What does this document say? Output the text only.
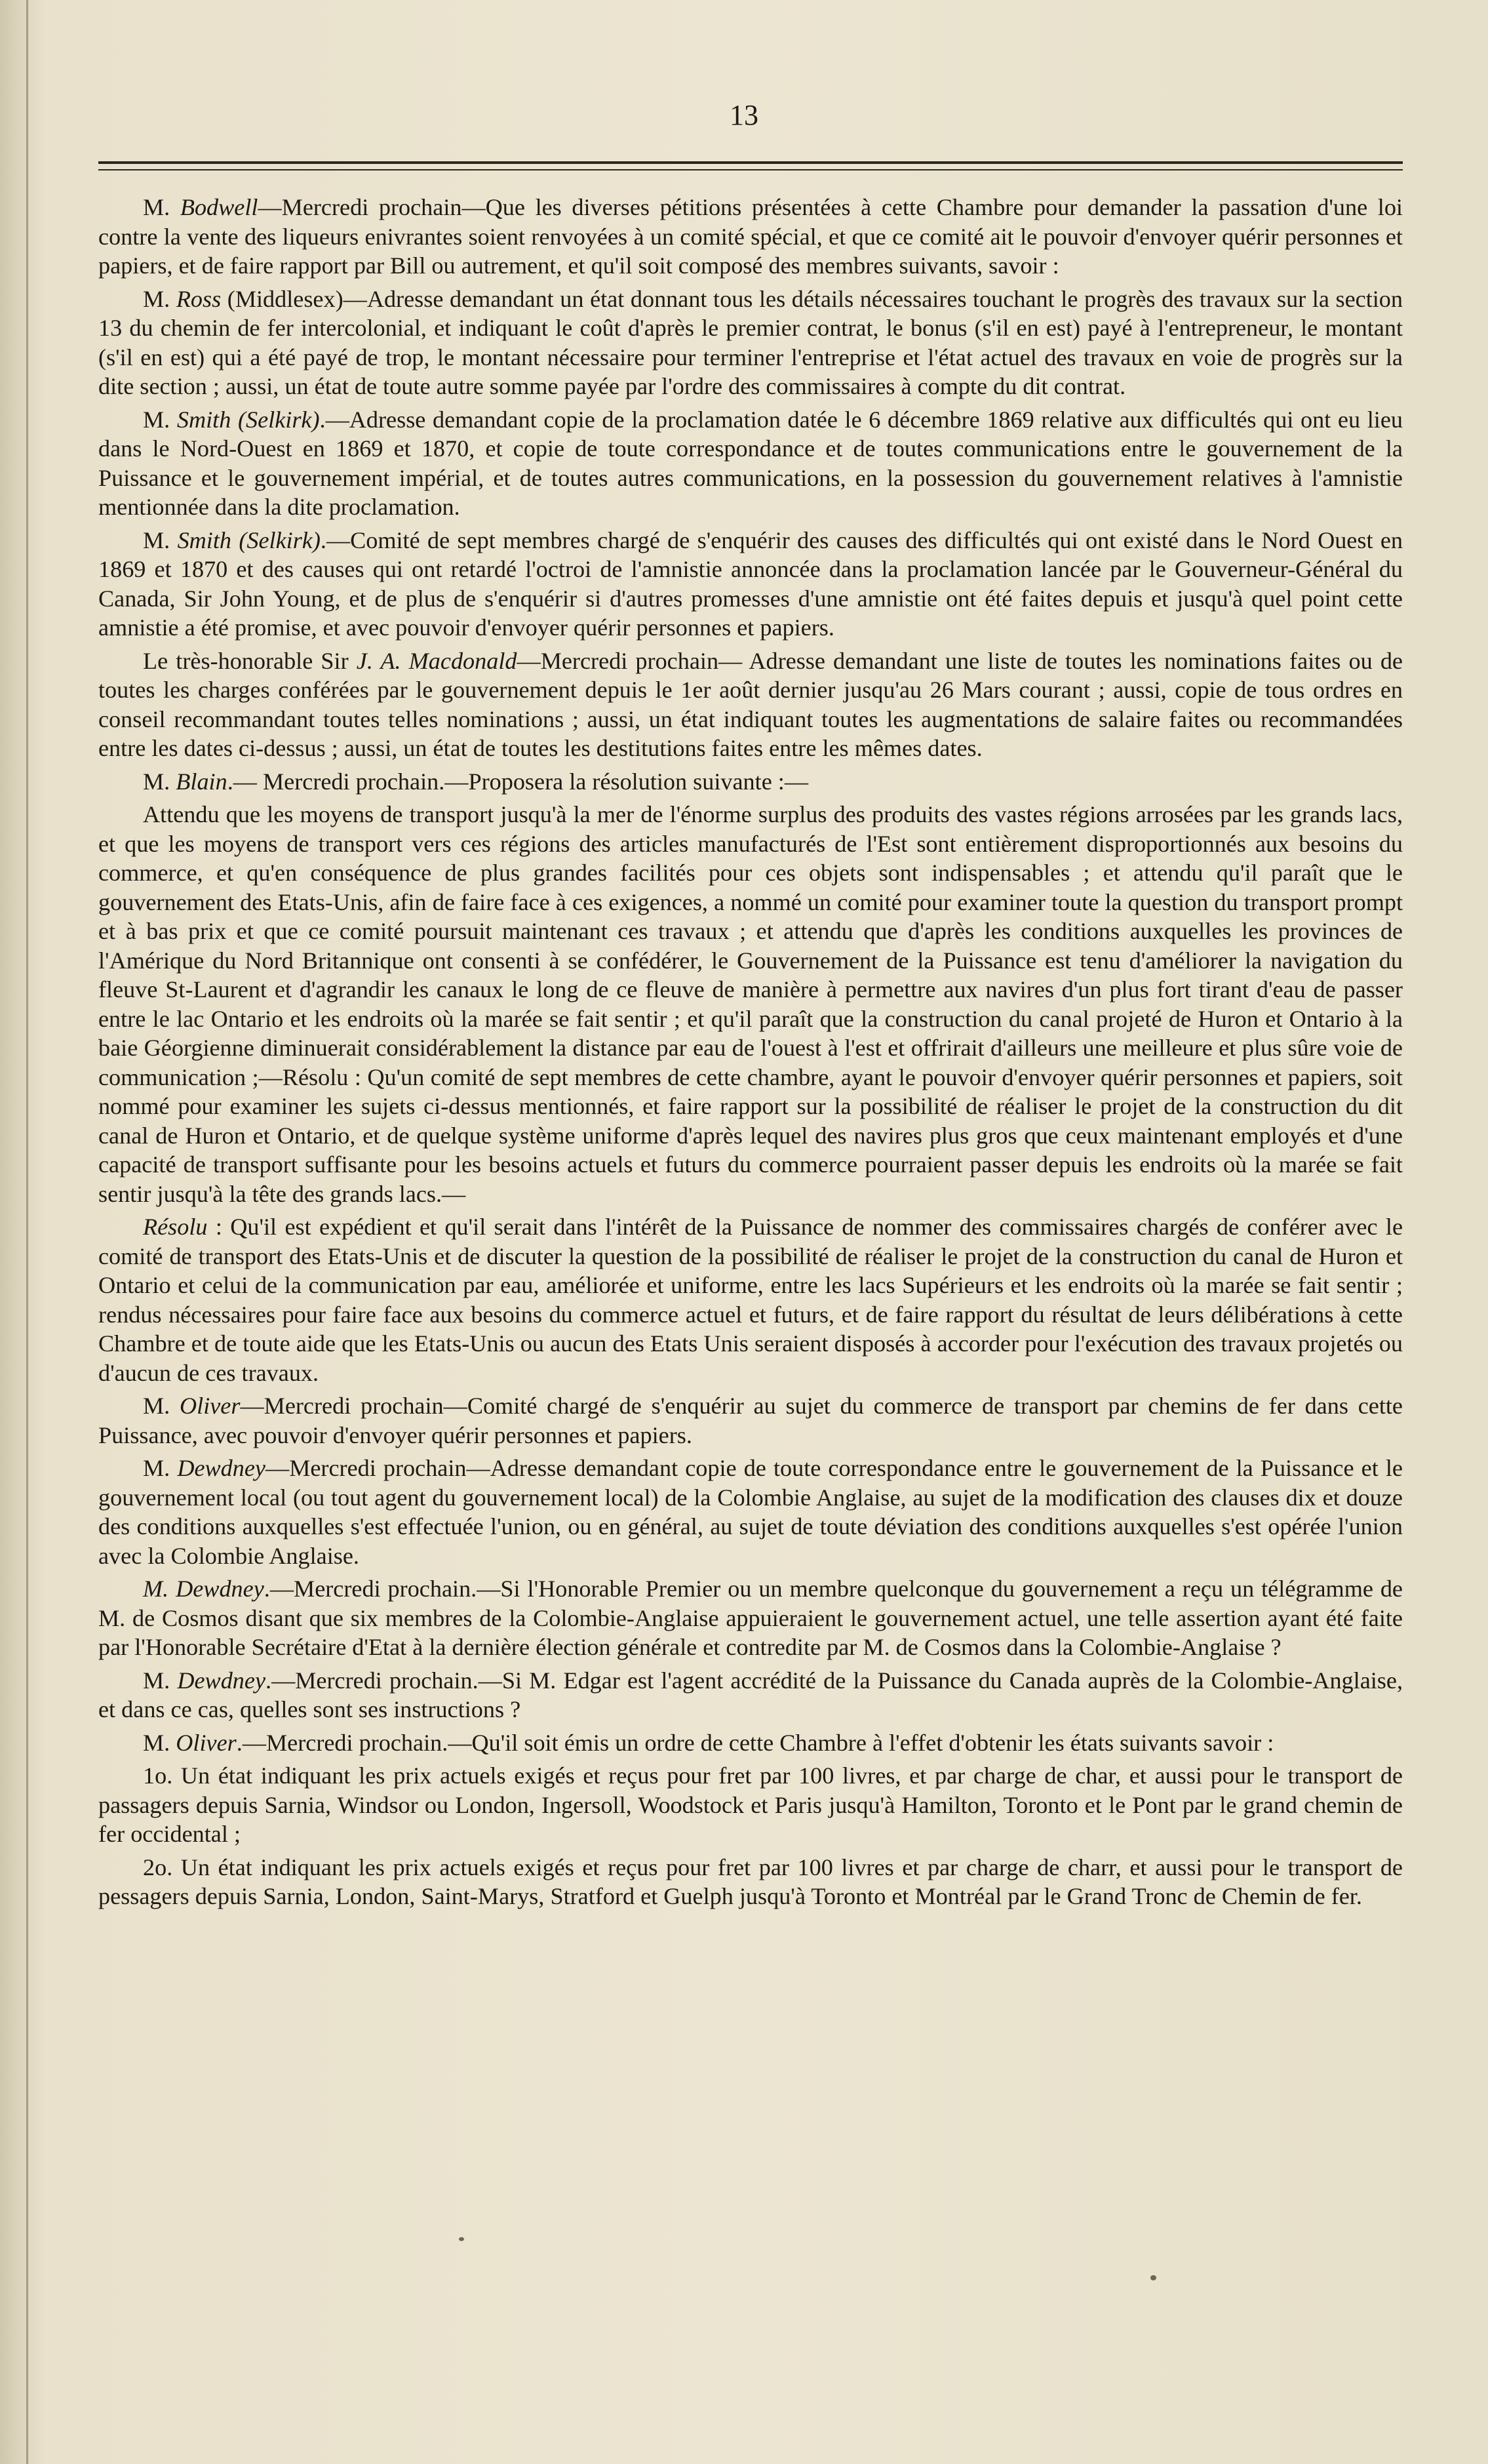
13

M. Bodwell—Mercredi prochain—Que les diverses pétitions présentées à cette Chambre pour demander la passation d'une loi contre la vente des liqueurs enivrantes soient renvoyées à un comité spécial, et que ce comité ait le pouvoir d'envoyer quérir personnes et papiers, et de faire rapport par Bill ou autrement, et qu'il soit composé des membres suivants, savoir :

M. Ross (Middlesex)—Adresse demandant un état donnant tous les détails nécessaires touchant le progrès des travaux sur la section 13 du chemin de fer intercolonial, et indiquant le coût d'après le premier contrat, le bonus (s'il en est) payé à l'entrepreneur, le montant (s'il en est) qui a été payé de trop, le montant nécessaire pour terminer l'entreprise et l'état actuel des travaux en voie de progrès sur la dite section ; aussi, un état de toute autre somme payée par l'ordre des commissaires à compte du dit contrat.

M. Smith (Selkirk).—Adresse demandant copie de la proclamation datée le 6 décembre 1869 relative aux difficultés qui ont eu lieu dans le Nord-Ouest en 1869 et 1870, et copie de toute correspondance et de toutes communications entre le gouvernement de la Puissance et le gouvernement impérial, et de toutes autres communications, en la possession du gouvernement relatives à l'amnistie mentionnée dans la dite proclamation.

M. Smith (Selkirk).—Comité de sept membres chargé de s'enquérir des causes des difficultés qui ont existé dans le Nord Ouest en 1869 et 1870 et des causes qui ont retardé l'octroi de l'amnistie annoncée dans la proclamation lancée par le Gouverneur-Général du Canada, Sir John Young, et de plus de s'enquérir si d'autres promesses d'une amnistie ont été faites depuis et jusqu'à quel point cette amnistie a été promise, et avec pouvoir d'envoyer quérir personnes et papiers.

Le très-honorable Sir J. A. Macdonald—Mercredi prochain— Adresse demandant une liste de toutes les nominations faites ou de toutes les charges conférées par le gouvernement depuis le 1er août dernier jusqu'au 26 Mars courant ; aussi, copie de tous ordres en conseil recommandant toutes telles nominations ; aussi, un état indiquant toutes les augmentations de salaire faites ou recommandées entre les dates ci-dessus ; aussi, un état de toutes les destitutions faites entre les mêmes dates.

M. Blain.— Mercredi prochain.—Proposera la résolution suivante :—

Attendu que les moyens de transport jusqu'à la mer de l'énorme surplus des produits des vastes régions arrosées par les grands lacs, et que les moyens de transport vers ces régions des articles manufacturés de l'Est sont entièrement disproportionnés aux besoins du commerce, et qu'en conséquence de plus grandes facilités pour ces objets sont indispensables ; et attendu qu'il paraît que le gouvernement des Etats-Unis, afin de faire face à ces exigences, a nommé un comité pour examiner toute la question du transport prompt et à bas prix et que ce comité poursuit maintenant ces travaux ; et attendu que d'après les conditions auxquelles les provinces de l'Amérique du Nord Britannique ont consenti à se confédérer, le Gouvernement de la Puissance est tenu d'améliorer la navigation du fleuve St-Laurent et d'agrandir les canaux le long de ce fleuve de manière à permettre aux navires d'un plus fort tirant d'eau de passer entre le lac Ontario et les endroits où la marée se fait sentir ; et qu'il paraît que la construction du canal projeté de Huron et Ontario à la baie Géorgienne diminuerait considérablement la distance par eau de l'ouest à l'est et offrirait d'ailleurs une meilleure et plus sûre voie de communication ;—Résolu : Qu'un comité de sept membres de cette chambre, ayant le pouvoir d'envoyer quérir personnes et papiers, soit nommé pour examiner les sujets ci-dessus mentionnés, et faire rapport sur la possibilité de réaliser le projet de la construction du dit canal de Huron et Ontario, et de quelque système uniforme d'après lequel des navires plus gros que ceux maintenant employés et d'une capacité de transport suffisante pour les besoins actuels et futurs du commerce pourraient passer depuis les endroits où la marée se fait sentir jusqu'à la tête des grands lacs.—

Résolu : Qu'il est expédient et qu'il serait dans l'intérêt de la Puissance de nommer des commissaires chargés de conférer avec le comité de transport des Etats-Unis et de discuter la question de la possibilité de réaliser le projet de la construction du canal de Huron et Ontario et celui de la communication par eau, améliorée et uniforme, entre les lacs Supérieurs et les endroits où la marée se fait sentir ; rendus nécessaires pour faire face aux besoins du commerce actuel et futurs, et de faire rapport du résultat de leurs délibérations à cette Chambre et de toute aide que les Etats-Unis ou aucun des Etats Unis seraient disposés à accorder pour l'exécution des travaux projetés ou d'aucun de ces travaux.

M. Oliver—Mercredi prochain—Comité chargé de s'enquérir au sujet du commerce de transport par chemins de fer dans cette Puissance, avec pouvoir d'envoyer quérir personnes et papiers.

M. Dewdney—Mercredi prochain—Adresse demandant copie de toute correspondance entre le gouvernement de la Puissance et le gouvernement local (ou tout agent du gouvernement local) de la Colombie Anglaise, au sujet de la modification des clauses dix et douze des conditions auxquelles s'est effectuée l'union, ou en général, au sujet de toute déviation des conditions auxquelles s'est opérée l'union avec la Colombie Anglaise.

M. Dewdney.—Mercredi prochain.—Si l'Honorable Premier ou un membre quelconque du gouvernement a reçu un télégramme de M. de Cosmos disant que six membres de la Colombie-Anglaise appuieraient le gouvernement actuel, une telle assertion ayant été faite par l'Honorable Secrétaire d'Etat à la dernière élection générale et contredite par M. de Cosmos dans la Colombie-Anglaise ?

M. Dewdney.—Mercredi prochain.—Si M. Edgar est l'agent accrédité de la Puissance du Canada auprès de la Colombie-Anglaise, et dans ce cas, quelles sont ses instructions ?

M. Oliver.—Mercredi prochain.—Qu'il soit émis un ordre de cette Chambre à l'effet d'obtenir les états suivants savoir :

1o. Un état indiquant les prix actuels exigés et reçus pour fret par 100 livres, et par charge de char, et aussi pour le transport de passagers depuis Sarnia, Windsor ou London, Ingersoll, Woodstock et Paris jusqu'à Hamilton, Toronto et le Pont par le grand chemin de fer occidental ;

2o. Un état indiquant les prix actuels exigés et reçus pour fret par 100 livres et par charge de charr, et aussi pour le transport de pessagers depuis Sarnia, London, Saint-Marys, Stratford et Guelph jusqu'à Toronto et Montréal par le Grand Tronc de Chemin de fer.
